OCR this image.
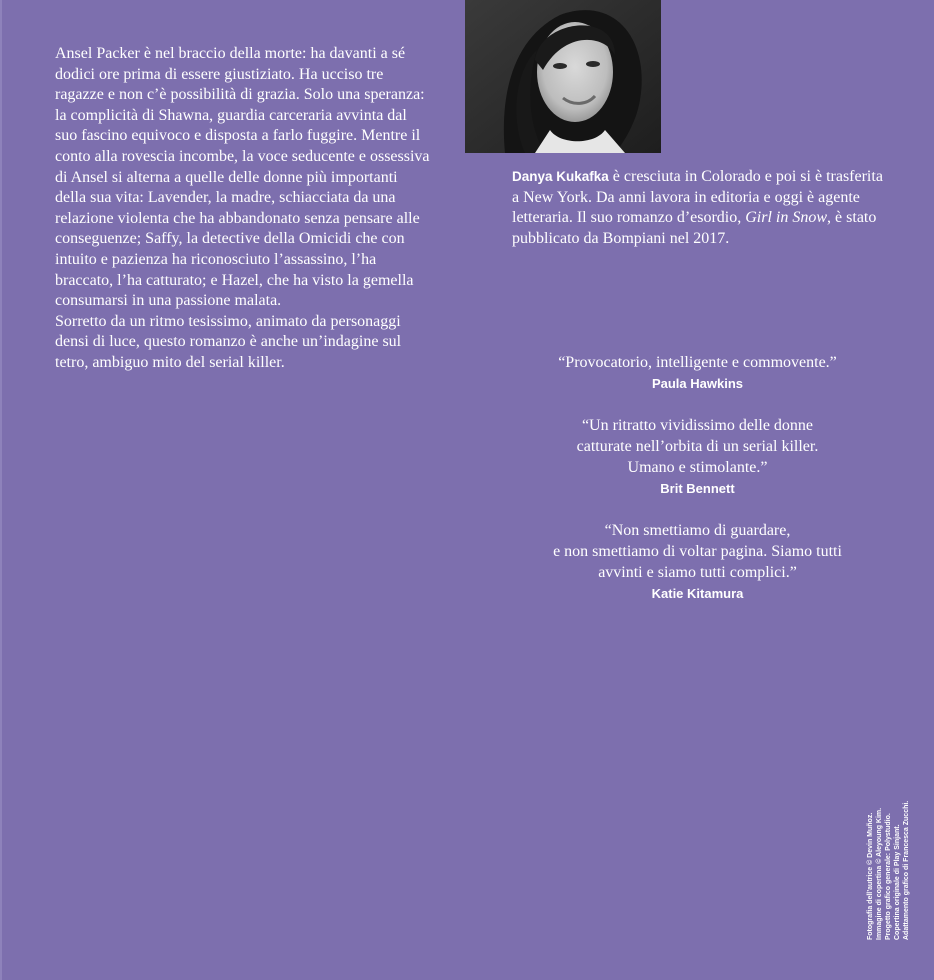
Ansel Packer è nel braccio della morte: ha davanti a sé dodici ore prima di essere giustiziato. Ha ucciso tre ragazze e non c’è possibilità di grazia. Solo una speranza: la complicità di Shawna, guardia carceraria avvinta dal suo fascino equivoco e disposta a farlo fuggire. Mentre il conto alla rovescia incombe, la voce seducente e ossessiva di Ansel si alterna a quelle delle donne più importanti della sua vita: Lavender, la madre, schiacciata da una relazione violenta che ha abbandonato senza pensare alle conseguenze; Saffy, la detective della Omicidi che con intuito e pazienza ha riconosciuto l’assassino, l’ha braccato, l’ha catturato; e Hazel, che ha visto la gemella consumarsi in una passione malata.

Sorretto da un ritmo tesissimo, animato da personaggi densi di luce, questo romanzo è anche un’indagine sul tetro, ambiguo mito del serial killer.

Danya Kukafka è cresciuta in Colorado e poi si è trasferita a New York. Da anni lavora in editoria e oggi è agente letteraria. Il suo romanzo d’esordio, Girl in Snow, è stato pubblicato da Bompiani nel 2017.

“Provocatorio, intelligente e commovente.”

Paula Hawkins

“Un ritratto vividissimo delle donne

catturate nell’orbita di un serial killer.

Umano e stimolante.”

Brit Bennett

“Non smettiamo di guardare,

e non smettiamo di voltar pagina. Siamo tutti

avvinti e siamo tutti complici.”

Katie Kitamura

Fotografia dell’autrice © Devin Muñoz. Immagine di copertina © Aleyoung Kim. Progetto grafico generale: Polystudio. Copertina originale di Play Sinjant. Adattamento grafico di Francesca Zucchi.
